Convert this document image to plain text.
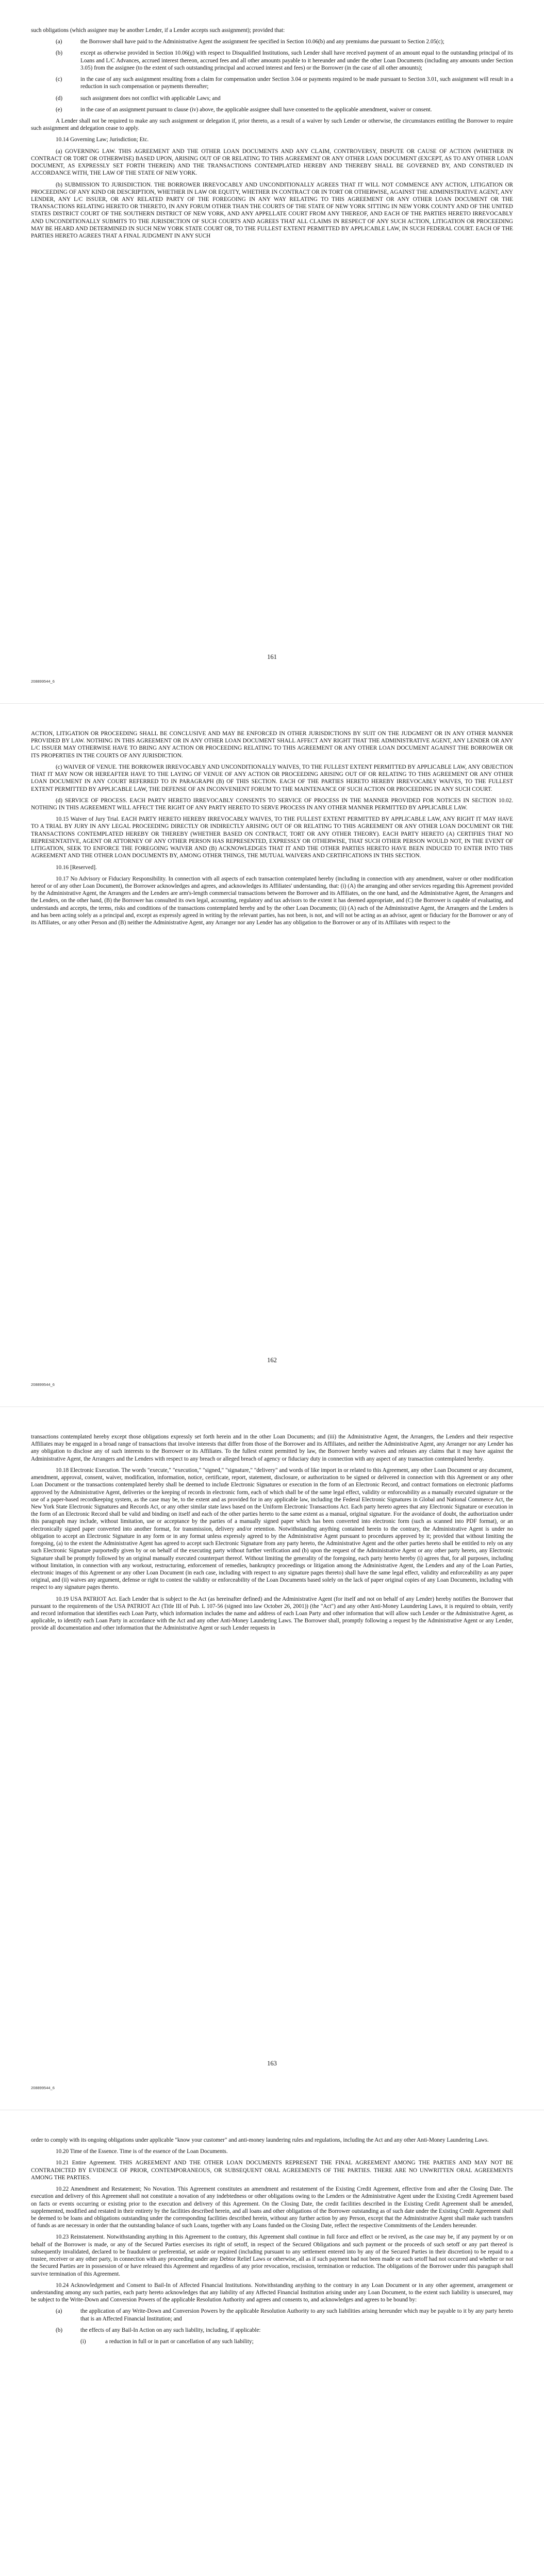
such obligations (which assignee may be another Lender, if a Lender accepts such assignment); provided that:

(a)	the Borrower shall have paid to the Administrative Agent the assignment fee specified in Section 10.06(b) and any premiums due pursuant to Section 2.05(c);

(b)	except as otherwise provided in Section 10.06(g) with respect to Disqualified Institutions, such Lender shall have received payment of an amount equal to the outstanding principal of its Loans and L/C Advances, accrued interest thereon, accrued fees and all other amounts payable to it hereunder and under the other Loan Documents (including any amounts under Section 3.05) from the assignee (to the extent of such outstanding principal and accrued interest and fees) or the Borrower (in the case of all other amounts);

(c)	in the case of any such assignment resulting from a claim for compensation under Section 3.04 or payments required to be made pursuant to Section 3.01, such assignment will result in a reduction in such compensation or payments thereafter;

(d)	such assignment does not conflict with applicable Laws; and

(e)	in the case of an assignment pursuant to clause (iv) above, the applicable assignee shall have consented to the applicable amendment, waiver or consent.

A Lender shall not be required to make any such assignment or delegation if, prior thereto, as a result of a waiver by such Lender or otherwise, the circumstances entitling the Borrower to require such assignment and delegation cease to apply.

10.14 Governing Law; Jurisdiction; Etc.

(a) GOVERNING LAW. THIS AGREEMENT AND THE OTHER LOAN DOCUMENTS AND ANY CLAIM, CONTROVERSY, DISPUTE OR CAUSE OF ACTION (WHETHER IN CONTRACT OR TORT OR OTHERWISE) BASED UPON, ARISING OUT OF OR RELATING TO THIS AGREEMENT OR ANY OTHER LOAN DOCUMENT (EXCEPT, AS TO ANY OTHER LOAN DOCUMENT, AS EXPRESSLY SET FORTH THEREIN) AND THE TRANSACTIONS CONTEMPLATED HEREBY AND THEREBY SHALL BE GOVERNED BY, AND CONSTRUED IN ACCORDANCE WITH, THE LAW OF THE STATE OF NEW YORK.

(b) SUBMISSION TO JURISDICTION. THE BORROWER IRREVOCABLY AND UNCONDITIONALLY AGREES THAT IT WILL NOT COMMENCE ANY ACTION, LITIGATION OR PROCEEDING OF ANY KIND OR DESCRIPTION, WHETHER IN LAW OR EQUITY, WHETHER IN CONTRACT OR IN TORT OR OTHERWISE, AGAINST THE ADMINISTRATIVE AGENT, ANY LENDER, ANY L/C ISSUER, OR ANY RELATED PARTY OF THE FOREGOING IN ANY WAY RELATING TO THIS AGREEMENT OR ANY OTHER LOAN DOCUMENT OR THE TRANSACTIONS RELATING HERETO OR THERETO, IN ANY FORUM OTHER THAN THE COURTS OF THE STATE OF NEW YORK SITTING IN NEW YORK COUNTY AND OF THE UNITED STATES DISTRICT COURT OF THE SOUTHERN DISTRICT OF NEW YORK, AND ANY APPELLATE COURT FROM ANY THEREOF, AND EACH OF THE PARTIES HERETO IRREVOCABLY AND UNCONDITIONALLY SUBMITS TO THE JURISDICTION OF SUCH COURTS AND AGREES THAT ALL CLAIMS IN RESPECT OF ANY SUCH ACTION, LITIGATION OR PROCEEDING MAY BE HEARD AND DETERMINED IN SUCH NEW YORK STATE COURT OR, TO THE FULLEST EXTENT PERMITTED BY APPLICABLE LAW, IN SUCH FEDERAL COURT. EACH OF THE PARTIES HERETO AGREES THAT A FINAL JUDGMENT IN ANY SUCH

161
208899544_6

ACTION, LITIGATION OR PROCEEDING SHALL BE CONCLUSIVE AND MAY BE ENFORCED IN OTHER JURISDICTIONS BY SUIT ON THE JUDGMENT OR IN ANY OTHER MANNER PROVIDED BY LAW. NOTHING IN THIS AGREEMENT OR IN ANY OTHER LOAN DOCUMENT SHALL AFFECT ANY RIGHT THAT THE ADMINISTRATIVE AGENT, ANY LENDER OR ANY L/C ISSUER MAY OTHERWISE HAVE TO BRING ANY ACTION OR PROCEEDING RELATING TO THIS AGREEMENT OR ANY OTHER LOAN DOCUMENT AGAINST THE BORROWER OR ITS PROPERTIES IN THE COURTS OF ANY JURISDICTION.

(c) WAIVER OF VENUE. THE BORROWER IRREVOCABLY AND UNCONDITIONALLY WAIVES, TO THE FULLEST EXTENT PERMITTED BY APPLICABLE LAW, ANY OBJECTION THAT IT MAY NOW OR HEREAFTER HAVE TO THE LAYING OF VENUE OF ANY ACTION OR PROCEEDING ARISING OUT OF OR RELATING TO THIS AGREEMENT OR ANY OTHER LOAN DOCUMENT IN ANY COURT REFERRED TO IN PARAGRAPH (B) OF THIS SECTION. EACH OF THE PARTIES HERETO HEREBY IRREVOCABLY WAIVES, TO THE FULLEST EXTENT PERMITTED BY APPLICABLE LAW, THE DEFENSE OF AN INCONVENIENT FORUM TO THE MAINTENANCE OF SUCH ACTION OR PROCEEDING IN ANY SUCH COURT.

(d) SERVICE OF PROCESS. EACH PARTY HERETO IRREVOCABLY CONSENTS TO SERVICE OF PROCESS IN THE MANNER PROVIDED FOR NOTICES IN SECTION 10.02. NOTHING IN THIS AGREEMENT WILL AFFECT THE RIGHT OF ANY PARTY HERETO TO SERVE PROCESS IN ANY OTHER MANNER PERMITTED BY APPLICABLE LAW.

10.15 Waiver of Jury Trial. EACH PARTY HERETO HEREBY IRREVOCABLY WAIVES, TO THE FULLEST EXTENT PERMITTED BY APPLICABLE LAW, ANY RIGHT IT MAY HAVE TO A TRIAL BY JURY IN ANY LEGAL PROCEEDING DIRECTLY OR INDIRECTLY ARISING OUT OF OR RELATING TO THIS AGREEMENT OR ANY OTHER LOAN DOCUMENT OR THE TRANSACTIONS CONTEMPLATED HEREBY OR THEREBY (WHETHER BASED ON CONTRACT, TORT OR ANY OTHER THEORY). EACH PARTY HERETO (A) CERTIFIES THAT NO REPRESENTATIVE, AGENT OR ATTORNEY OF ANY OTHER PERSON HAS REPRESENTED, EXPRESSLY OR OTHERWISE, THAT SUCH OTHER PERSON WOULD NOT, IN THE EVENT OF LITIGATION, SEEK TO ENFORCE THE FOREGOING WAIVER AND (B) ACKNOWLEDGES THAT IT AND THE OTHER PARTIES HERETO HAVE BEEN INDUCED TO ENTER INTO THIS AGREEMENT AND THE OTHER LOAN DOCUMENTS BY, AMONG OTHER THINGS, THE MUTUAL WAIVERS AND CERTIFICATIONS IN THIS SECTION.

10.16 [Reserved].

10.17 No Advisory or Fiduciary Responsibility. In connection with all aspects of each transaction contemplated hereby (including in connection with any amendment, waiver or other modification hereof or of any other Loan Document), the Borrower acknowledges and agrees, and acknowledges its Affiliates' understanding, that: (i) (A) the arranging and other services regarding this Agreement provided by the Administrative Agent, the Arrangers and the Lenders are arm's-length commercial transactions between the Borrower and its Affiliates, on the one hand, and the Administrative Agent, the Arrangers and the Lenders, on the other hand, (B) the Borrower has consulted its own legal, accounting, regulatory and tax advisors to the extent it has deemed appropriate, and (C) the Borrower is capable of evaluating, and understands and accepts, the terms, risks and conditions of the transactions contemplated hereby and by the other Loan Documents; (ii) (A) each of the Administrative Agent, the Arrangers and the Lenders is and has been acting solely as a principal and, except as expressly agreed in writing by the relevant parties, has not been, is not, and will not be acting as an advisor, agent or fiduciary for the Borrower or any of its Affiliates, or any other Person and (B) neither the Administrative Agent, any Arranger nor any Lender has any obligation to the Borrower or any of its Affiliates with respect to the

162
208899544_6

transactions contemplated hereby except those obligations expressly set forth herein and in the other Loan Documents; and (iii) the Administrative Agent, the Arrangers, the Lenders and their respective Affiliates may be engaged in a broad range of transactions that involve interests that differ from those of the Borrower and its Affiliates, and neither the Administrative Agent, any Arranger nor any Lender has any obligation to disclose any of such interests to the Borrower or its Affiliates. To the fullest extent permitted by law, the Borrower hereby waives and releases any claims that it may have against the Administrative Agent, the Arrangers and the Lenders with respect to any breach or alleged breach of agency or fiduciary duty in connection with any aspect of any transaction contemplated hereby.

10.18 Electronic Execution. The words "execute," "execution," "signed," "signature," "delivery" and words of like import in or related to this Agreement, any other Loan Document or any document, amendment, approval, consent, waiver, modification, information, notice, certificate, report, statement, disclosure, or authorization to be signed or delivered in connection with this Agreement or any other Loan Document or the transactions contemplated hereby shall be deemed to include Electronic Signatures or execution in the form of an Electronic Record, and contract formations on electronic platforms approved by the Administrative Agent, deliveries or the keeping of records in electronic form, each of which shall be of the same legal effect, validity or enforceability as a manually executed signature or the use of a paper-based recordkeeping system, as the case may be, to the extent and as provided for in any applicable law, including the Federal Electronic Signatures in Global and National Commerce Act, the New York State Electronic Signatures and Records Act, or any other similar state laws based on the Uniform Electronic Transactions Act. Each party hereto agrees that any Electronic Signature or execution in the form of an Electronic Record shall be valid and binding on itself and each of the other parties hereto to the same extent as a manual, original signature. For the avoidance of doubt, the authorization under this paragraph may include, without limitation, use or acceptance by the parties of a manually signed paper which has been converted into electronic form (such as scanned into PDF format), or an electronically signed paper converted into another format, for transmission, delivery and/or retention. Notwithstanding anything contained herein to the contrary, the Administrative Agent is under no obligation to accept an Electronic Signature in any form or in any format unless expressly agreed to by the Administrative Agent pursuant to procedures approved by it; provided that without limiting the foregoing, (a) to the extent the Administrative Agent has agreed to accept such Electronic Signature from any party hereto, the Administrative Agent and the other parties hereto shall be entitled to rely on any such Electronic Signature purportedly given by or on behalf of the executing party without further verification and (b) upon the request of the Administrative Agent or any other party hereto, any Electronic Signature shall be promptly followed by an original manually executed counterpart thereof. Without limiting the generality of the foregoing, each party hereto hereby (i) agrees that, for all purposes, including without limitation, in connection with any workout, restructuring, enforcement of remedies, bankruptcy proceedings or litigation among the Administrative Agent, the Lenders and any of the Loan Parties, electronic images of this Agreement or any other Loan Document (in each case, including with respect to any signature pages thereto) shall have the same legal effect, validity and enforceability as any paper original, and (ii) waives any argument, defense or right to contest the validity or enforceability of the Loan Documents based solely on the lack of paper original copies of any Loan Documents, including with respect to any signature pages thereto.

10.19 USA PATRIOT Act. Each Lender that is subject to the Act (as hereinafter defined) and the Administrative Agent (for itself and not on behalf of any Lender) hereby notifies the Borrower that pursuant to the requirements of the USA PATRIOT Act (Title III of Pub. L 107-56 (signed into law October 26, 2001)) (the "Act") and any other Anti-Money Laundering Laws, it is required to obtain, verify and record information that identifies each Loan Party, which information includes the name and address of each Loan Party and other information that will allow such Lender or the Administrative Agent, as applicable, to identify each Loan Party in accordance with the Act and any other Anti-Money Laundering Laws. The Borrower shall, promptly following a request by the Administrative Agent or any Lender, provide all documentation and other information that the Administrative Agent or such Lender requests in

163
208899544_6

order to comply with its ongoing obligations under applicable "know your customer" and anti-money laundering rules and regulations, including the Act and any other Anti-Money Laundering Laws.

10.20 Time of the Essence. Time is of the essence of the Loan Documents.

10.21 Entire Agreement. THIS AGREEMENT AND THE OTHER LOAN DOCUMENTS REPRESENT THE FINAL AGREEMENT AMONG THE PARTIES AND MAY NOT BE CONTRADICTED BY EVIDENCE OF PRIOR, CONTEMPORANEOUS, OR SUBSEQUENT ORAL AGREEMENTS OF THE PARTIES. THERE ARE NO UNWRITTEN ORAL AGREEMENTS AMONG THE PARTIES.

10.22 Amendment and Restatement; No Novation. This Agreement constitutes an amendment and restatement of the Existing Credit Agreement, effective from and after the Closing Date. The execution and delivery of this Agreement shall not constitute a novation of any indebtedness or other obligations owing to the Lenders or the Administrative Agent under the Existing Credit Agreement based on facts or events occurring or existing prior to the execution and delivery of this Agreement. On the Closing Date, the credit facilities described in the Existing Credit Agreement shall be amended, supplemented, modified and restated in their entirety by the facilities described herein, and all loans and other obligations of the Borrower outstanding as of such date under the Existing Credit Agreement shall be deemed to be loans and obligations outstanding under the corresponding facilities described herein, without any further action by any Person, except that the Administrative Agent shall make such transfers of funds as are necessary in order that the outstanding balance of such Loans, together with any Loans funded on the Closing Date, reflect the respective Commitments of the Lenders hereunder.

10.23 Reinstatement. Notwithstanding anything in this Agreement to the contrary, this Agreement shall continue in full force and effect or be revived, as the case may be, if any payment by or on behalf of the Borrower is made, or any of the Secured Parties exercises its right of setoff, in respect of the Secured Obligations and such payment or the proceeds of such setoff or any part thereof is subsequently invalidated, declared to be fraudulent or preferential, set aside or required (including pursuant to any settlement entered into by any of the Secured Parties in their discretion) to be repaid to a trustee, receiver or any other party, in connection with any proceeding under any Debtor Relief Laws or otherwise, all as if such payment had not been made or such setoff had not occurred and whether or not the Secured Parties are in possession of or have released this Agreement and regardless of any prior revocation, rescission, termination or reduction. The obligations of the Borrower under this paragraph shall survive termination of this Agreement.

10.24 Acknowledgement and Consent to Bail-In of Affected Financial Institutions. Notwithstanding anything to the contrary in any Loan Document or in any other agreement, arrangement or understanding among any such parties, each party hereto acknowledges that any liability of any Affected Financial Institution arising under any Loan Document, to the extent such liability is unsecured, may be subject to the Write-Down and Conversion Powers of the applicable Resolution Authority and agrees and consents to, and acknowledges and agrees to be bound by:

(a)	the application of any Write-Down and Conversion Powers by the applicable Resolution Authority to any such liabilities arising hereunder which may be payable to it by any party hereto that is an Affected Financial Institution; and

(b)	the effects of any Bail-In Action on any such liability, including, if applicable:

(i)	a reduction in full or in part or cancellation of any such liability;
